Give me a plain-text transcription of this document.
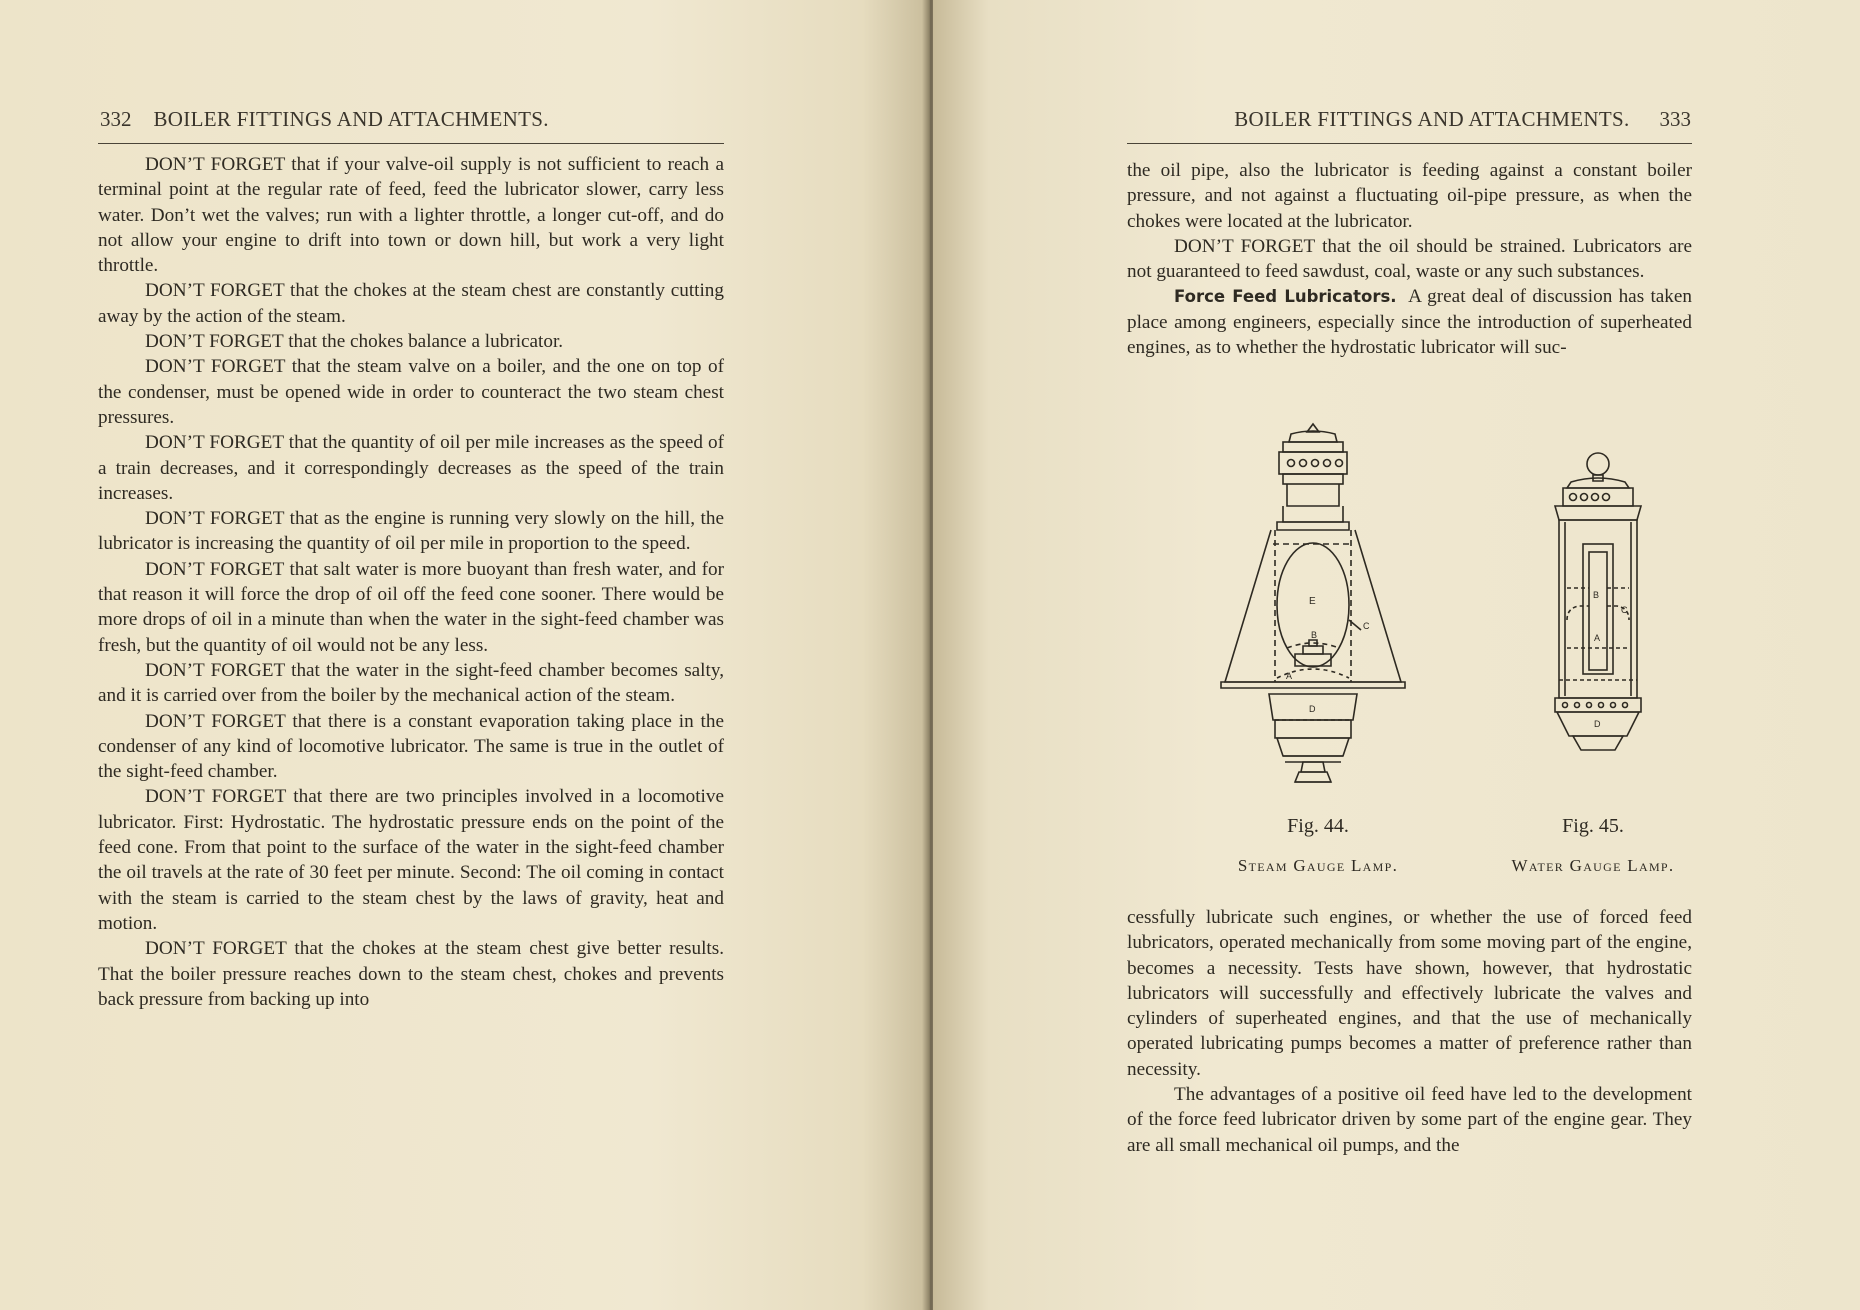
332 BOILER FITTINGS AND ATTACHMENTS.

DON’T FORGET that if your valve-oil supply is not sufficient to reach a terminal point at the regular rate of feed, feed the lubricator slower, carry less water. Don’t wet the valves; run with a lighter throttle, a longer cut-off, and do not allow your engine to drift into town or down hill, but work a very light throttle.

DON’T FORGET that the chokes at the steam chest are constantly cutting away by the action of the steam.

DON’T FORGET that the chokes balance a lubricator.

DON’T FORGET that the steam valve on a boiler, and the one on top of the condenser, must be opened wide in order to counteract the two steam chest pressures.

DON’T FORGET that the quantity of oil per mile increases as the speed of a train decreases, and it correspondingly decreases as the speed of the train increases.

DON’T FORGET that as the engine is running very slowly on the hill, the lubricator is increasing the quantity of oil per mile in proportion to the speed.

DON’T FORGET that salt water is more buoyant than fresh water, and for that reason it will force the drop of oil off the feed cone sooner. There would be more drops of oil in a minute than when the water in the sight-feed chamber was fresh, but the quantity of oil would not be any less.

DON’T FORGET that the water in the sight-feed chamber becomes salty, and it is carried over from the boiler by the mechanical action of the steam.

DON’T FORGET that there is a constant evaporation taking place in the condenser of any kind of locomotive lubricator. The same is true in the outlet of the sight-feed chamber.

DON’T FORGET that there are two principles involved in a locomotive lubricator. First: Hydrostatic. The hydrostatic pressure ends on the point of the feed cone. From that point to the surface of the water in the sight-feed chamber the oil travels at the rate of 30 feet per minute. Second: The oil coming in contact with the steam is carried to the steam chest by the laws of gravity, heat and motion.

DON’T FORGET that the chokes at the steam chest give better results. That the boiler pressure reaches down to the steam chest, chokes and prevents back pressure from backing up into

BOILER FITTINGS AND ATTACHMENTS. 333

the oil pipe, also the lubricator is feeding against a constant boiler pressure, and not against a fluctuating oil-pipe pressure, as when the chokes were located at the lubricator.

DON’T FORGET that the oil should be strained. Lubricators are not guaranteed to feed sawdust, coal, waste or any such substances.

Force Feed Lubricators. A great deal of discussion has taken place among engineers, especially since the introduction of superheated engines, as to whether the hydrostatic lubricator will suc-

E
B
C
A
D
B
C
A
D
Fig. 44.	Fig. 45.
Steam Gauge Lamp.	Water Gauge Lamp.

cessfully lubricate such engines, or whether the use of forced feed lubricators, operated mechanically from some moving part of the engine, becomes a necessity. Tests have shown, however, that hydrostatic lubricators will successfully and effectively lubricate the valves and cylinders of superheated engines, and that the use of mechanically operated lubricating pumps becomes a matter of preference rather than necessity.

The advantages of a positive oil feed have led to the development of the force feed lubricator driven by some part of the engine gear. They are all small mechanical oil pumps, and the
